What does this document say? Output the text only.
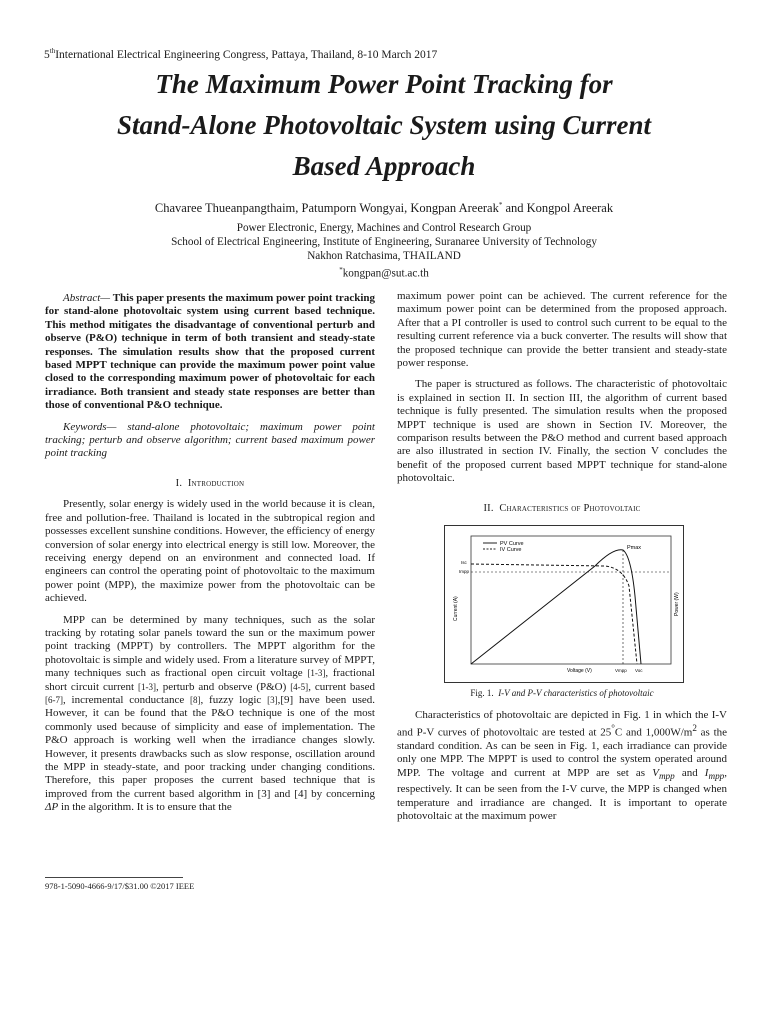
5thInternational Electrical Engineering Congress, Pattaya, Thailand, 8-10 March 2017
The Maximum Power Point Tracking for
Stand-Alone Photovoltaic System using Current
Based Approach
Chavaree Thueanpangthaim, Patumporn Wongyai, Kongpan Areerak* and Kongpol Areerak
Power Electronic, Energy, Machines and Control Research Group
School of Electrical Engineering, Institute of Engineering, Suranaree University of Technology
Nakhon Ratchasima, THAILAND
*kongpan@sut.ac.th

Abstract— This paper presents the maximum power point tracking for stand-alone photovoltaic system using current based technique. This method mitigates the disadvantage of conventional perturb and observe (P&O) technique in term of both transient and steady-state responses. The simulation results show that the proposed current based MPPT technique can provide the maximum power point value closed to the corresponding maximum power of photovoltaic for each irradiance. Both transient and steady state responses are better than those of conventional P&O technique.

Keywords— stand-alone photovoltaic; maximum power point tracking; perturb and observe algorithm; current based maximum power point tracking

I. Introduction

Presently, solar energy is widely used in the world because it is clean, free and pollution-free. Thailand is located in the subtropical region and possesses excellent sunshine conditions. However, the efficiency of energy conversion of solar energy into electrical energy is still low. Moreover, the receiving energy depend on an environment and connected load. If engineers can control the operating point of photovoltaic to the maximum power point (MPP), the maximize power from the photovoltaic can be achieved.

MPP can be determined by many techniques, such as the solar tracking by rotating solar panels toward the sun or the maximum power point tracking (MPPT) by controllers. The MPPT algorithm for the photovoltaic is simple and widely used. From a literature survey of MPPT, many techniques such as fractional open circuit voltage [1-3], fractional short circuit current [1-3], perturb and observe (P&O) [4-5], current based [6-7], incremental conductance [8], fuzzy logic [3],[9] have been used. However, it can be found that the P&O technique is one of the most commonly used because of simplicity and ease of implementation. The P&O approach is working well when the irradiance changes slowly. However, it presents drawbacks such as slow response, oscillation around the MPP in steady-state, and poor tracking under changing conditions. Therefore, this paper proposes the current based technique that is improved from the current based algorithm in [3] and [4] by concerning ΔP in the algorithm. It is to ensure that the

maximum power point can be achieved. The current reference for the maximum power point can be determined from the proposed approach. After that a PI controller is used to control such current to be equal to the resulting current reference via a buck converter. The results will show that the proposed technique can provide the better transient and steady-state power response.

The paper is structured as follows. The characteristic of photovoltaic is explained in section II. In section III, the algorithm of current based technique is fully presented. The simulation results when the proposed MPPT technique is used are shown in Section IV. Moreover, the comparison results between the P&O method and current based approach are also illustrated in section IV. Finally, the section V concludes the benefit of the proposed current based MPPT technique for stand-alone photovoltaic.

II. Characteristics of Photovoltaic
PV Curve
IV Curve	Pmax
Isc
Impp
Current (A)	Power (W)
Voltage (V)	Vmpp Voc
Fig. 1. I-V and P-V characteristics of photovoltaic

Characteristics of photovoltaic are depicted in Fig. 1 in which the I-V and P-V curves of photovoltaic are tested at 25°C and $1,000W/m^2$ as the standard condition. As can be seen in Fig. 1, each irradiance can provide only one MPP. The MPPT is used to control the system operated around MPP. The voltage and current at MPP are set as $V_{mpp}$ and $I_{mpp}$, respectively. It can be seen from the I-V curve, the MPP is changed when temperature and irradiance are changed. It is important to operate photovoltaic at the maximum power

978-1-5090-4666-9/17/$31.00 ©2017 IEEE
